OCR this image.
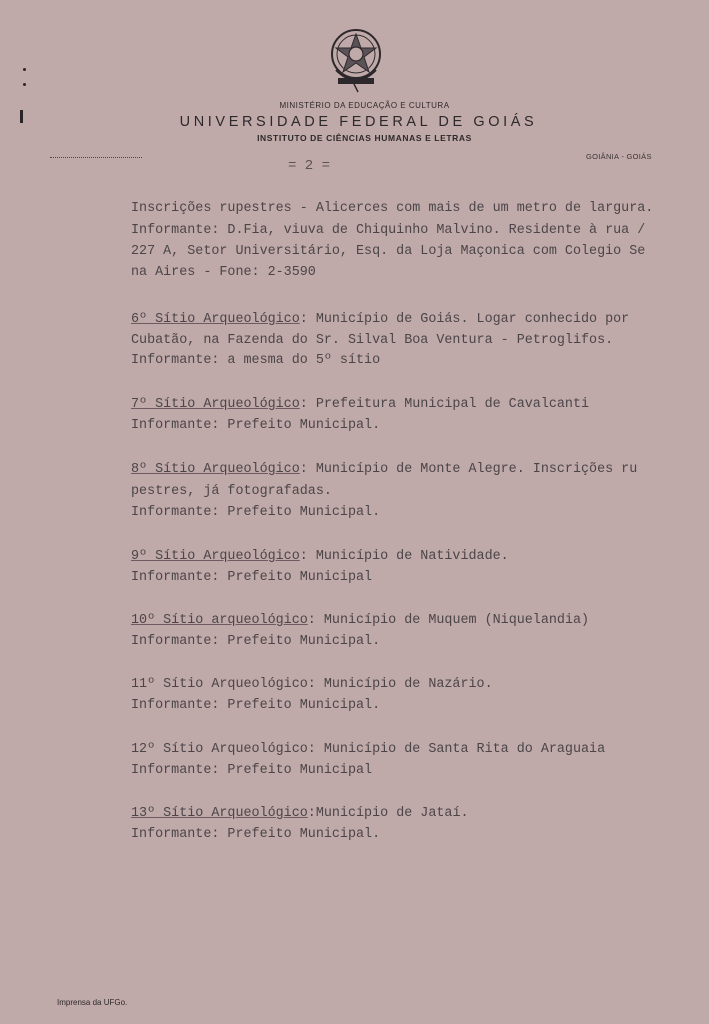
MINISTÉRIO DA EDUCAÇÃO E CULTURA
UNIVERSIDADE FEDERAL DE GOIÁS
INSTITUTO DE CIÊNCIAS HUMANAS E LETRAS
GOIÂNIA - GOIÁS
= 2 =
Inscrições rupestres - Alicerces com mais de um metro de largura.
Informante: D.Fia, viuva de Chiquinho Malvino. Residente à rua /
227 A, Setor Universitário, Esq. da Loja Maçonica com Colegio Se
na Aires - Fone: 2-3590
6º Sítio Arqueológico: Município de Goiás. Logar conhecido por
Cubatão, na Fazenda do Sr. Silval Boa Ventura - Petroglifos.
Informante: a mesma do 5º sítio
7º Sítio Arqueológico: Prefeitura Municipal de Cavalcanti
Informante: Prefeito Municipal.
8º Sítio Arqueológico: Município de Monte Alegre. Inscrições ru
pestres, já fotografadas.
Informante: Prefeito Municipal.
9º Sítio Arqueológico: Município de Natividade.
Informante: Prefeito Municipal
10º Sítio arqueológico: Município de Muquem (Niquelandia)
Informante: Prefeito Municipal.
11º Sítio Arqueológico: Município de Nazário.
Informante: Prefeito Municipal.
12º Sítio Arqueológico: Município de Santa Rita do Araguaia
Informante: Prefeito Municipal
13º Sítio Arqueológico:Município de Jataí.
Informante: Prefeito Municipal.
Imprensa da UFGo.
